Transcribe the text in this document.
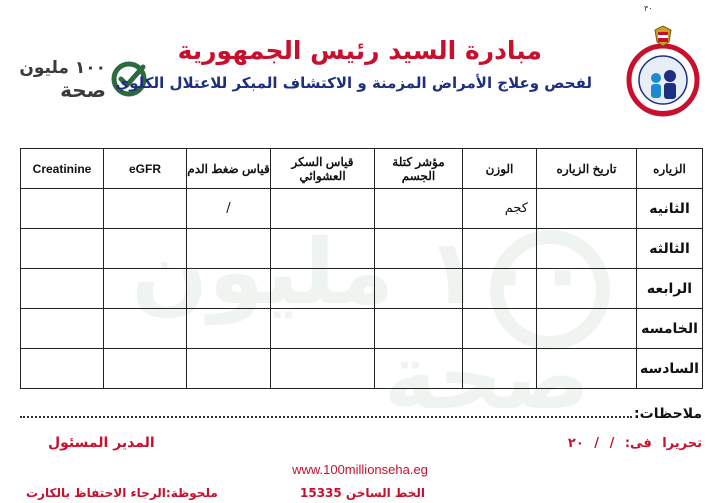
٣٠
١٠٠ مليون صحة
١٠٠ مليون
صحة
مبادرة السيد رئيس الجمهورية
لفحص وعلاج الأمراض المزمنة و الاكتشاف المبكر للاعتلال الكلوي
الزياره	تاريخ الزياره	الوزن	مؤشر كتلة الجسم	قياس السكر العشوائي	قياس ضغط الدم	eGFR	Creatinine
الثانيه		كجم			/		
الثالثه							
الرابعه							
الخامسه							
السادسه							
ملاحظات:
تحريرا فى: / / ٢٠
المدير المسئول
www.100millionseha.eg
الخط الساخن 15335
ملحوظة:الرجاء الاحتفاظ بالكارت
